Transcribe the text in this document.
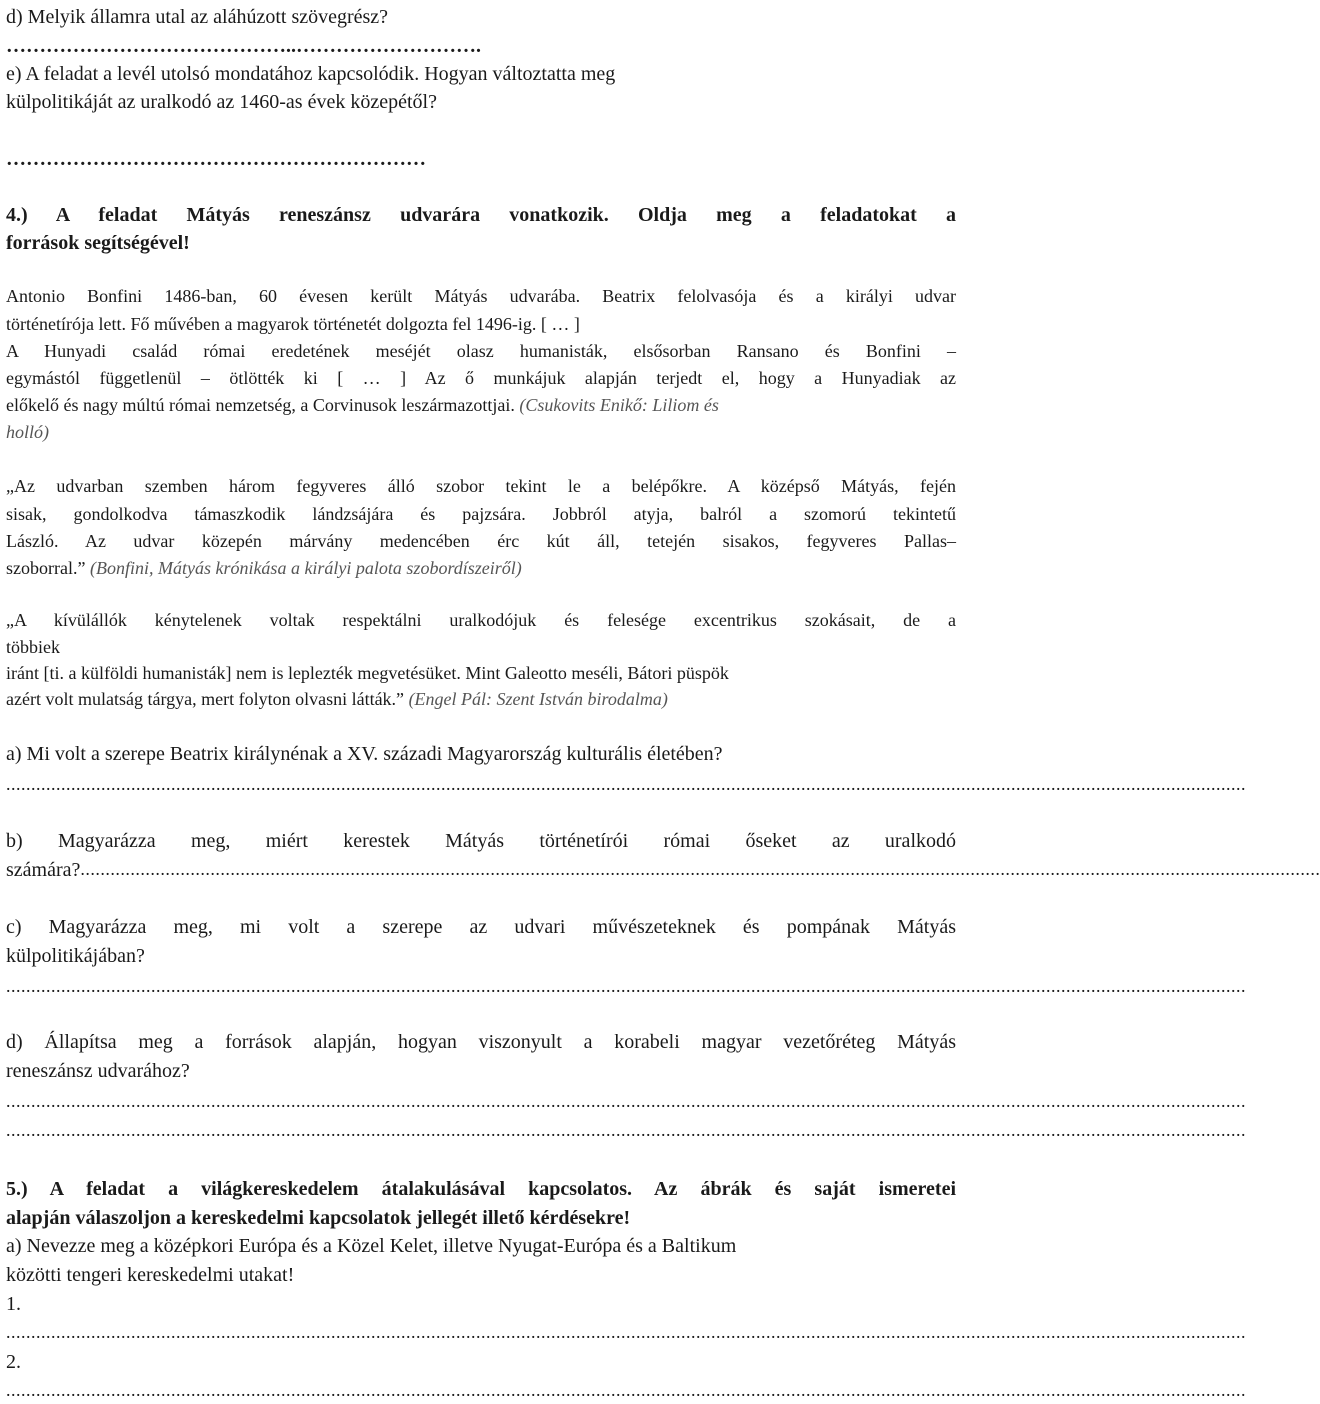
d) Melyik államra utal az aláhúzott szövegrész?
……………………………………..……………………….
e) A feladat a levél utolsó mondatához kapcsolódik. Hogyan változtatta meg
külpolitikáját az uralkodó az 1460-as évek közepétől?
………………………………………………………
4.) A feladat Mátyás reneszánsz udvarára vonatkozik. Oldja meg a feladatokat a
források segítségével!
Antonio Bonfini 1486-ban, 60 évesen került Mátyás udvarába. Beatrix felolvasója és a királyi udvar
történetírója lett. Fő művében a magyarok történetét dolgozta fel 1496-ig. [ … ]
A Hunyadi család római eredetének meséjét olasz humanisták, elsősorban Ransano és Bonfini –
egymástól függetlenül – ötlötték ki [ … ] Az ő munkájuk alapján terjedt el, hogy a Hunyadiak az
előkelő és nagy múltú római nemzetség, a Corvinusok leszármazottjai. (Csukovits Enikő: Liliom és
holló)
„Az udvarban szemben három fegyveres álló szobor tekint le a belépőkre. A középső Mátyás, fején
sisak, gondolkodva támaszkodik lándzsájára és pajzsára. Jobbról atyja, balról a szomorú tekintetű
László. Az udvar közepén márvány medencében érc kút áll, tetején sisakos, fegyveres Pallas–
szoborral.” (Bonfini, Mátyás krónikása a királyi palota szobordíszeiről)
„A kívülállók kénytelenek voltak respektálni uralkodójuk és felesége excentrikus szokásait, de a
többiek
iránt [ti. a külföldi humanisták] nem is leplezték megvetésüket. Mint Galeotto meséli, Bátori püspök
azért volt mulatság tárgya, mert folyton olvasni látták.” (Engel Pál: Szent István birodalma)
a) Mi volt a szerepe Beatrix királynénak a XV. századi Magyarország kulturális életében?
........................................................................................................................................................................................................................................................
b) Magyarázza meg, miért kerestek Mátyás történetírói római őseket az uralkodó
számára?........................................................................................................................................................................................................................................................
c) Magyarázza meg, mi volt a szerepe az udvari művészeteknek és pompának Mátyás
külpolitikájában?
........................................................................................................................................................................................................................................................
d) Állapítsa meg a források alapján, hogyan viszonyult a korabeli magyar vezetőréteg Mátyás
reneszánsz udvarához?
........................................................................................................................................................................................................................................................
........................................................................................................................................................................................................................................................
5.) A feladat a világkereskedelem átalakulásával kapcsolatos. Az ábrák és saját ismeretei
alapján válaszoljon a kereskedelmi kapcsolatok jellegét illető kérdésekre!
a) Nevezze meg a középkori Európa és a Közel Kelet, illetve Nyugat-Európa és a Baltikum
közötti tengeri kereskedelmi utakat!
1.
........................................................................................................................................................................................................................................................
2.
........................................................................................................................................................................................................................................................
